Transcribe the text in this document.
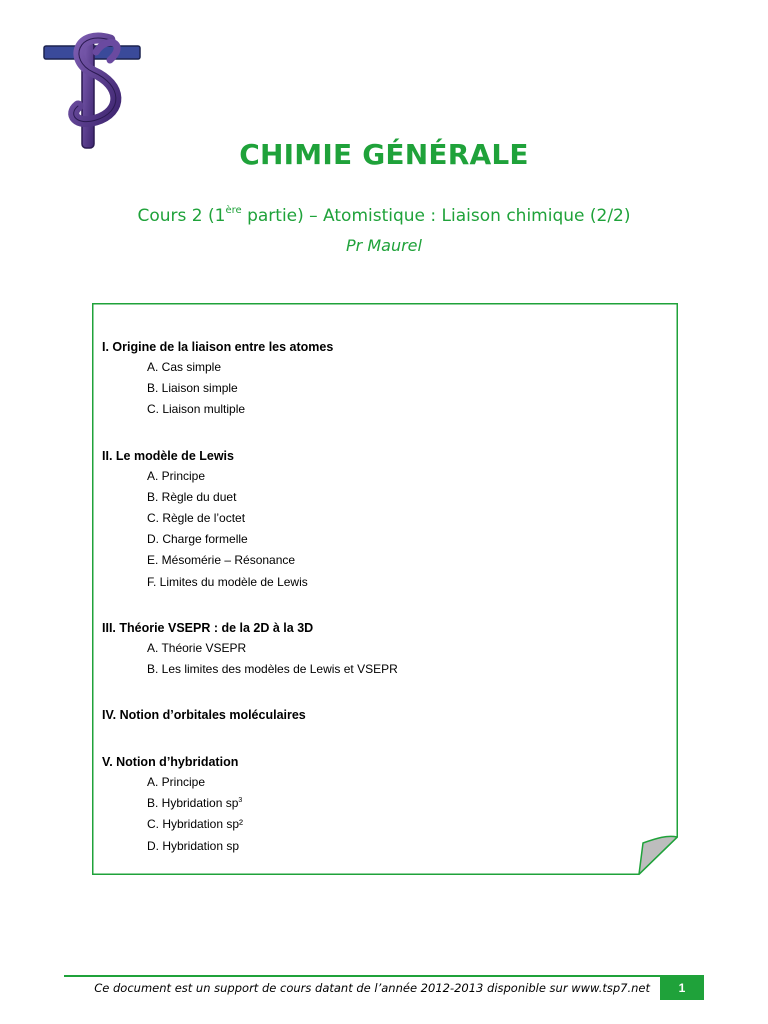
CHIMIE GÉNÉRALE
Cours 2 (1ère partie) – Atomistique : Liaison chimique (2/2)
Pr Maurel
I. Origine de la liaison entre les atomes
A. Cas simple
B. Liaison simple
C. Liaison multiple
II. Le modèle de Lewis
A. Principe
B. Règle du duet
C. Règle de l’octet
D. Charge formelle
E. Mésomérie – Résonance
F. Limites du modèle de Lewis
III. Théorie VSEPR : de la 2D à la 3D
A. Théorie VSEPR
B. Les limites des modèles de Lewis et VSEPR
IV. Notion d’orbitales moléculaires
V. Notion d’hybridation
A. Principe
B. Hybridation $sp^3$
C. Hybridation sp²
D. Hybridation sp
Ce document est un support de cours datant de l’année 2012-2013 disponible sur www.tsp7.net	1
